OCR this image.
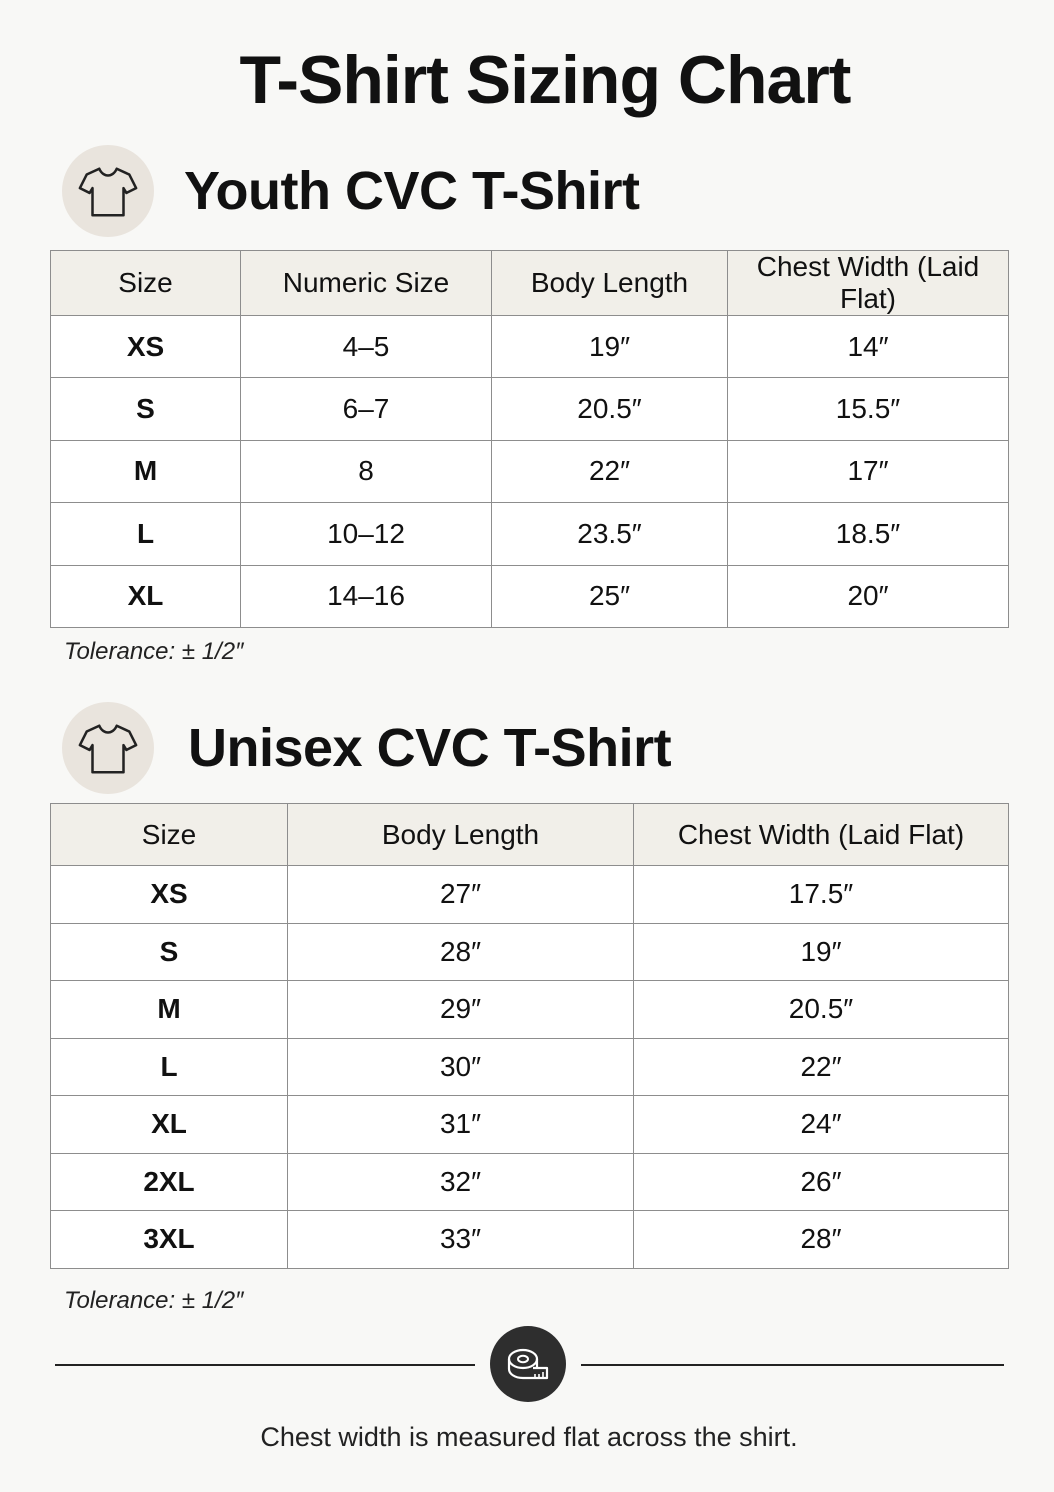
T-Shirt Sizing Chart
Youth CVC T-Shirt
Size	Numeric Size	Body Length	Chest Width (Laid Flat)
XS	4–5	19″	14″
S	6–7	20.5″	15.5″
M	8	22″	17″
L	10–12	23.5″	18.5″
XL	14–16	25″	20″
Tolerance: ± 1/2″
Unisex CVC T-Shirt
Size	Body Length	Chest Width (Laid Flat)
XS	27″	17.5″
S	28″	19″
M	29″	20.5″
L	30″	22″
XL	31″	24″
2XL	32″	26″
3XL	33″	28″
Tolerance: ± 1/2″
Chest width is measured flat across the shirt.
